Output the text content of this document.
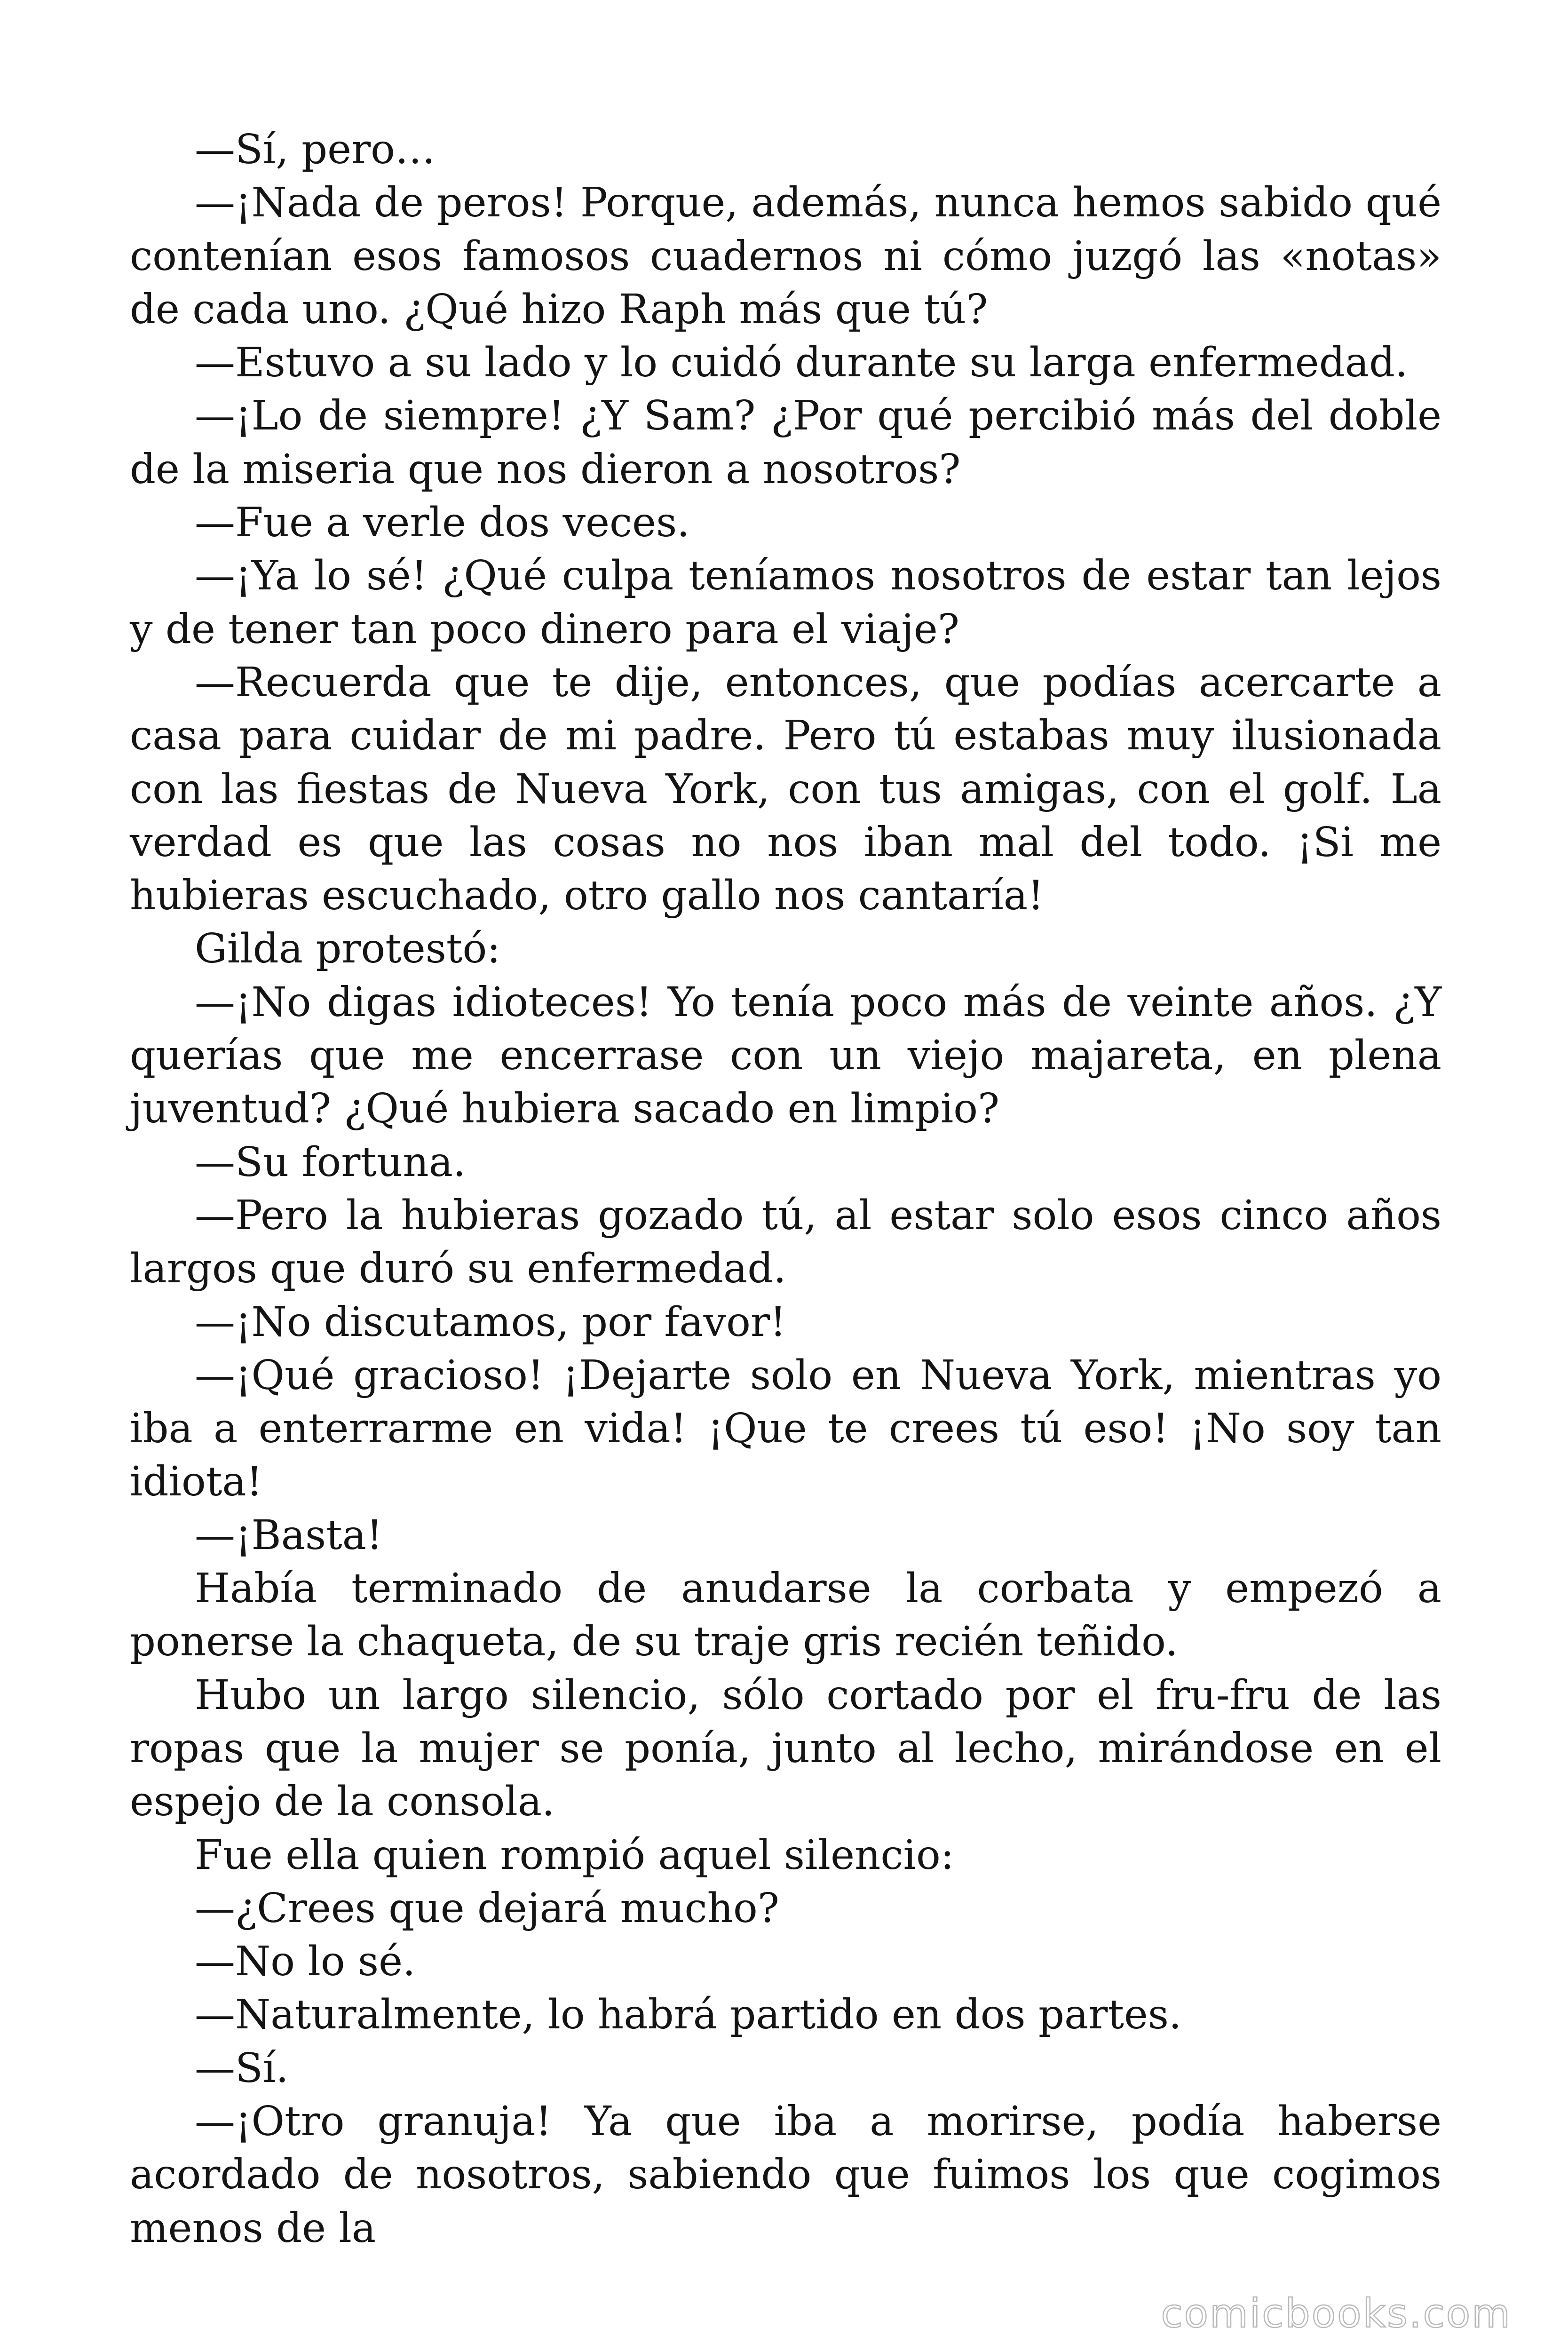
—Sí, pero…

—¡Nada de peros! Porque, además, nunca hemos sabido qué contenían esos famosos cuadernos ni cómo juzgó las «notas» de cada uno. ¿Qué hizo Raph más que tú?

—Estuvo a su lado y lo cuidó durante su larga enfermedad.

—¡Lo de siempre! ¿Y Sam? ¿Por qué percibió más del doble de la miseria que nos dieron a nosotros?

—Fue a verle dos veces.

—¡Ya lo sé! ¿Qué culpa teníamos nosotros de estar tan lejos y de tener tan poco dinero para el viaje?

—Recuerda que te dije, entonces, que podías acercarte a casa para cuidar de mi padre. Pero tú estabas muy ilusionada con las fiestas de Nueva York, con tus amigas, con el golf. La verdad es que las cosas no nos iban mal del todo. ¡Si me hubieras escuchado, otro gallo nos cantaría!

Gilda protestó:

—¡No digas idioteces! Yo tenía poco más de veinte años. ¿Y querías que me encerrase con un viejo majareta, en plena juventud? ¿Qué hubiera sacado en limpio?

—Su fortuna.

—Pero la hubieras gozado tú, al estar solo esos cinco años largos que duró su enfermedad.

—¡No discutamos, por favor!

—¡Qué gracioso! ¡Dejarte solo en Nueva York, mientras yo iba a enterrarme en vida! ¡Que te crees tú eso! ¡No soy tan idiota!

—¡Basta!

Había terminado de anudarse la corbata y empezó a ponerse la chaqueta, de su traje gris recién teñido.

Hubo un largo silencio, sólo cortado por el fru-fru de las ropas que la mujer se ponía, junto al lecho, mirándose en el espejo de la consola.

Fue ella quien rompió aquel silencio:

—¿Crees que dejará mucho?

—No lo sé.

—Naturalmente, lo habrá partido en dos partes.

—Sí.

—¡Otro granuja! Ya que iba a morirse, podía haberse acordado de nosotros, sabiendo que fuimos los que cogimos menos de la

comicbooks.com
